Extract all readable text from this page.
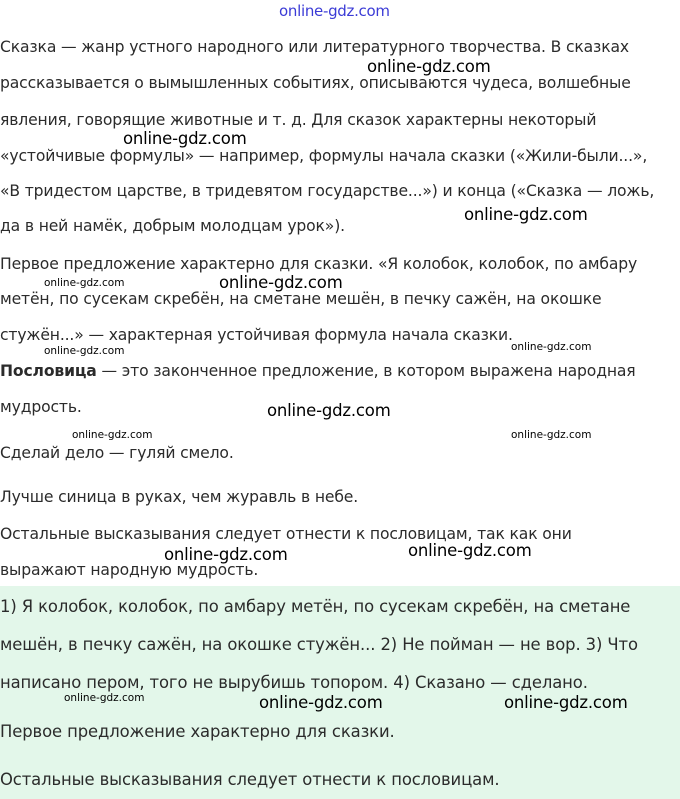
online-gdz.com
Сказка — жанр устного народного или литературного творчества. В сказках
рассказывается о вымышленных событиях, описываются чудеса, волшебные
явления, говорящие животные и т. д. Для сказок характерны некоторый
«устойчивые формулы» — например, формулы начала сказки («Жили-были...»,
«В тридестом царстве, в тридевятом государстве...») и конца («Сказка — ложь,
да в ней намёк, добрым молодцам урок»).
Первое предложение характерно для сказки. «Я колобок, колобок, по амбару
метён, по сусекам скребён, на сметане мешён, в печку сажён, на окошке
стужён...» — характерная устойчивая формула начала сказки.
Пословица — это законченное предложение, в котором выражена народная
мудрость.
Сделай дело — гуляй смело.
Лучше синица в руках, чем журавль в небе.
Остальные высказывания следует отнести к пословицам, так как они
выражают народную мудрость.
1) Я колобок, колобок, по амбару метён, по сусекам скребён, на сметане
мешён, в печку сажён, на окошке стужён... 2) Не пойман — не вор. 3) Что
написано пером, того не вырубишь топором. 4) Сказано — сделано.
Первое предложение характерно для сказки.
Остальные высказывания следует отнести к пословицам.
online-gdz.com
online-gdz.com
online-gdz.com
online-gdz.com
online-gdz.com
online-gdz.com	online-gdz.com
online-gdz.com	online-gdz.com
online-gdz.com
online-gdz.com	online-gdz.com
online-gdz.com	online-gdz.com
online-gdz.com
